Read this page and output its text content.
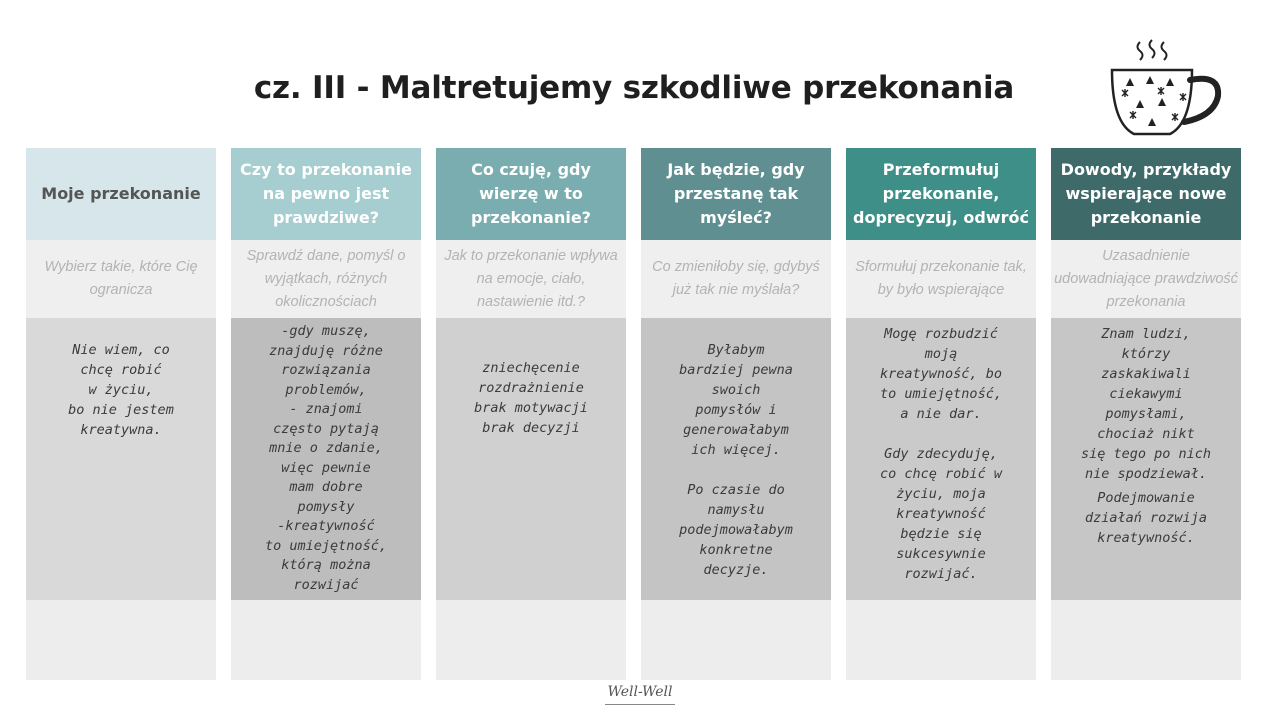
cz. III - Maltretujemy szkodliwe przekonania
Moje przekonanie
Wybierz takie, które Cię ogranicza

Nie wiem, co
chcę robić
w życiu,
bo nie jestem
kreatywna.

Czy to przekonanie na pewno jest prawdziwe?
Sprawdź dane, pomyśl o wyjątkach, różnych okolicznościach

-gdy muszę,
znajduję różne
rozwiązania
problemów,
- znajomi
często pytają
mnie o zdanie,
więc pewnie
mam dobre
pomysły
-kreatywność
to umiejętność,
którą można
rozwijać

Co czuję, gdy wierzę w to przekonanie?
Jak to przekonanie wpływa na emocje, ciało, nastawienie itd.?

zniechęcenie
rozdrażnienie
brak motywacji
brak decyzji

Jak będzie, gdy przestanę tak myśleć?
Co zmieniłoby się, gdybyś już tak nie myślała?

Byłabym
bardziej pewna
swoich
pomysłów i
generowałabym
ich więcej.

Po czasie do
namysłu
podejmowałabym
konkretne
decyzje.

Przeformułuj przekonanie, doprecyzuj, odwróć
Sformułuj przekonanie tak, by było wspierające

Mogę rozbudzić
moją
kreatywność, bo
to umiejętność,
a nie dar.

Gdy zdecyduję,
co chcę robić w
życiu, moja
kreatywność
będzie się
sukcesywnie
rozwijać.

Dowody, przykłady wspierające nowe przekonanie
Uzasadnienie udowadniające prawdziwość przekonania

Znam ludzi,
którzy
zaskakiwali
ciekawymi
pomysłami,
chociaż nikt
się tego po nich
nie spodziewał.

Podejmowanie
działań rozwija
kreatywność.

Well-Well
